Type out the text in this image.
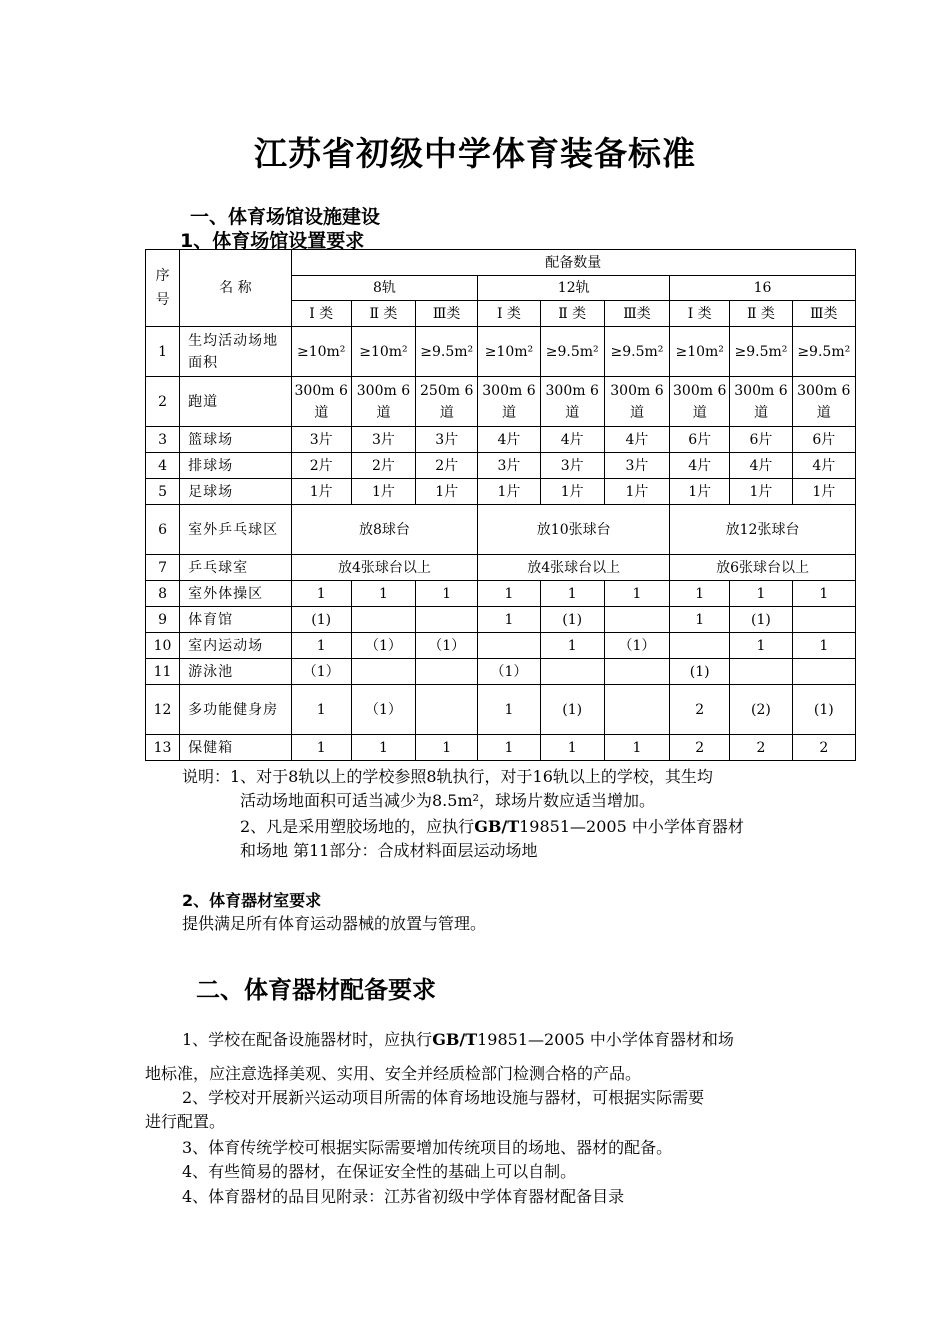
江苏省初级中学体育装备标准
一、体育场馆设施建设
1、体育场馆设置要求
序号	名 称	配备数量								
		8轨			12轨			16		
		Ⅰ 类	Ⅱ 类	Ⅲ类	Ⅰ 类	Ⅱ 类	Ⅲ类	Ⅰ 类	Ⅱ 类	Ⅲ类
1	生均活动场地面积	≥10m²	≥10m²	≥9.5m²	≥10m²	≥9.5m²	≥9.5m²	≥10m²	≥9.5m²	≥9.5m²
2	跑道	300m 6道	300m 6道	250m 6道	300m 6道	300m 6道	300m 6道	300m 6道	300m 6道	300m 6道
3	篮球场	3片	3片	3片	4片	4片	4片	6片	6片	6片
4	排球场	2片	2片	2片	3片	3片	3片	4片	4片	4片
5	足球场	1片	1片	1片	1片	1片	1片	1片	1片	1片
6	室外乒乓球区	放8球台			放10张球台			放12张球台		
7	乒乓球室	放4张球台以上			放4张球台以上			放6张球台以上		
8	室外体操区	1	1	1	1	1	1	1	1	1
9	体育馆	(1)			1	(1)		1	(1)	
10	室内运动场	1	（1）	（1）		1	（1）		1	1
11	游泳池	（1）			（1）			(1)		
12	多功能健身房	1	（1）		1	(1)		2	(2)	(1)
13	保健箱	1	1	1	1	1	1	2	2	2
说明：1、对于8轨以上的学校参照8轨执行，对于16轨以上的学校，其生均
活动场地面积可适当减少为8.5m²，球场片数应适当增加。
2、凡是采用塑胶场地的，应执行GB/T19851—2005 中小学体育器材
和场地 第11部分：合成材料面层运动场地
2、体育器材室要求
提供满足所有体育运动器械的放置与管理。
二、体育器材配备要求
1、学校在配备设施器材时，应执行GB/T19851—2005 中小学体育器材和场
地标准，应注意选择美观、实用、安全并经质检部门检测合格的产品。
2、学校对开展新兴运动项目所需的体育场地设施与器材，可根据实际需要
进行配置。
3、体育传统学校可根据实际需要增加传统项目的场地、器材的配备。
4、有些简易的器材，在保证安全性的基础上可以自制。
4、体育器材的品目见附录：江苏省初级中学体育器材配备目录
